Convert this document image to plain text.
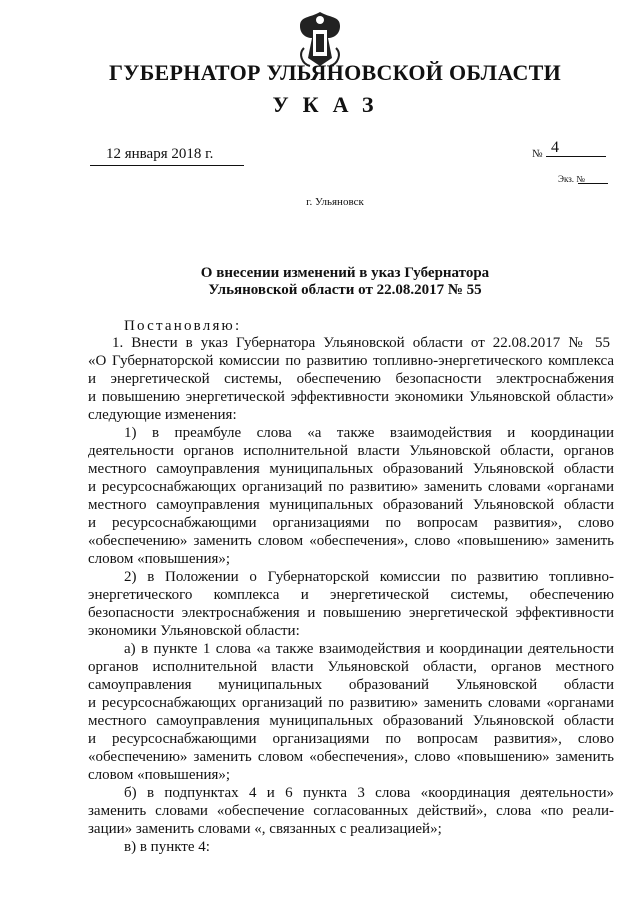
ГУБЕРНАТОР УЛЬЯНОВСКОЙ ОБЛАСТИ
УКАЗ
12 января 2018 г.	№ 4
Экз. №
г. Ульяновск
О внесении изменений в указ Губернатора
Ульяновской области от 22.08.2017 № 55
Постановляю:
1. Внести в указ Губернатора Ульяновской области от 22.08.2017 № 55
«О Губернаторской комиссии по развитию топливно-энергетического комплекса
и энергетической системы, обеспечению безопасности электроснабжения
и повышению энергетической эффективности экономики Ульяновской области»
следующие изменения:
1) в преамбуле слова «а также взаимодействия и координации
деятельности органов исполнительной власти Ульяновской области, органов
местного самоуправления муниципальных образований Ульяновской области
и ресурсоснабжающих организаций по развитию» заменить словами «органами
местного самоуправления муниципальных образований Ульяновской области
и ресурсоснабжающими организациями по вопросам развития», слово
«обеспечению» заменить словом «обеспечения», слово «повышению» заменить
словом «повышения»;
2) в Положении о Губернаторской комиссии по развитию топливно-
энергетического комплекса и энергетической системы, обеспечению
безопасности электроснабжения и повышению энергетической эффективности
экономики Ульяновской области:
а) в пункте 1 слова «а также взаимодействия и координации деятельности
органов исполнительной власти Ульяновской области, органов местного
самоуправления муниципальных образований Ульяновской области
и ресурсоснабжающих организаций по развитию» заменить словами «органами
местного самоуправления муниципальных образований Ульяновской области
и ресурсоснабжающими организациями по вопросам развития», слово
«обеспечению» заменить словом «обеспечения», слово «повышению» заменить
словом «повышения»;
б) в подпунктах 4 и 6 пункта 3 слова «координация деятельности»
заменить словами «обеспечение согласованных действий», слова «по реали-
зации» заменить словами «, связанных с реализацией»;
в) в пункте 4:
